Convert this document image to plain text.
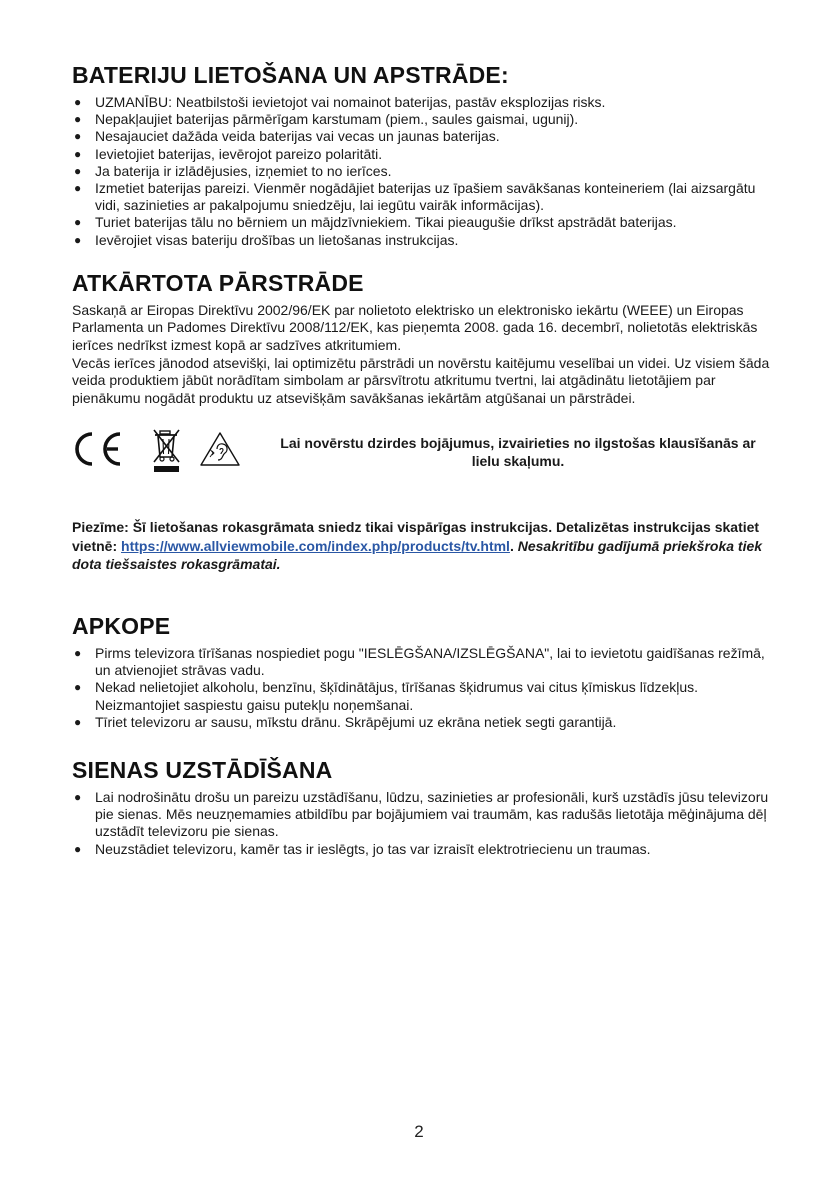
BATERIJU LIETOŠANA UN APSTRĀDE:
● UZMANĪBU: Neatbilstoši ievietojot vai nomainot baterijas, pastāv eksplozijas risks.
● Nepakļaujiet baterijas pārmērīgam karstumam (piem., saules gaismai, ugunij).
● Nesajauciet dažāda veida baterijas vai vecas un jaunas baterijas.
● Ievietojiet baterijas, ievērojot pareizo polaritāti.
● Ja baterija ir izlādējusies, izņemiet to no ierīces.
● Izmetiet baterijas pareizi. Vienmēr nogādājiet baterijas uz īpašiem savākšanas konteineriem (lai aizsargātu vidi, sazinieties ar pakalpojumu sniedzēju, lai iegūtu vairāk informācijas).
● Turiet baterijas tālu no bērniem un mājdzīvniekiem. Tikai pieaugušie drīkst apstrādāt baterijas.
● Ievērojiet visas bateriju drošības un lietošanas instrukcijas.
ATKĀRTOTA PĀRSTRĀDE

Saskaņā ar Eiropas Direktīvu 2002/96/EK par nolietoto elektrisko un elektronisko iekārtu (WEEE) un Eiropas Parlamenta un Padomes Direktīvu 2008/112/EK, kas pieņemta 2008. gada 16. decembrī, nolietotās elektriskās ierīces nedrīkst izmest kopā ar sadzīves atkritumiem.

Vecās ierīces jānodod atsevišķi, lai optimizētu pārstrādi un novērstu kaitējumu veselībai un videi. Uz visiem šāda veida produktiem jābūt norādītam simbolam ar pārsvītrotu atkritumu tvertni, lai atgādinātu lietotājiem par pienākumu nogādāt produktu uz atsevišķām savākšanas iekārtām atgūšanai un pārstrādei.

Lai novērstu dzirdes bojājumus, izvairieties no ilgstošas klausīšanās ar lielu skaļumu.
Piezīme: Šī lietošanas rokasgrāmata sniedz tikai vispārīgas instrukcijas. Detalizētas instrukcijas skatiet vietnē: https://www.allviewmobile.com/index.php/products/tv.html. Nesakritību gadījumā priekšroka tiek dota tiešsaistes rokasgrāmatai.
APKOPE
● Pirms televizora tīrīšanas nospiediet pogu "IESLĒGŠANA/IZSLĒGŠANA", lai to ievietotu gaidīšanas režīmā, un atvienojiet strāvas vadu.
● Nekad nelietojiet alkoholu, benzīnu, šķīdinātājus, tīrīšanas šķidrumus vai citus ķīmiskus līdzekļus. Neizmantojiet saspiestu gaisu putekļu noņemšanai.
● Tīriet televizoru ar sausu, mīkstu drānu. Skrāpējumi uz ekrāna netiek segti garantijā.
SIENAS UZSTĀDĪŠANA
● Lai nodrošinātu drošu un pareizu uzstādīšanu, lūdzu, sazinieties ar profesionāli, kurš uzstādīs jūsu televizoru pie sienas. Mēs neuzņemamies atbildību par bojājumiem vai traumām, kas radušās lietotāja mēģinājuma dēļ uzstādīt televizoru pie sienas.
● Neuzstādiet televizoru, kamēr tas ir ieslēgts, jo tas var izraisīt elektrotriecienu un traumas.
2
